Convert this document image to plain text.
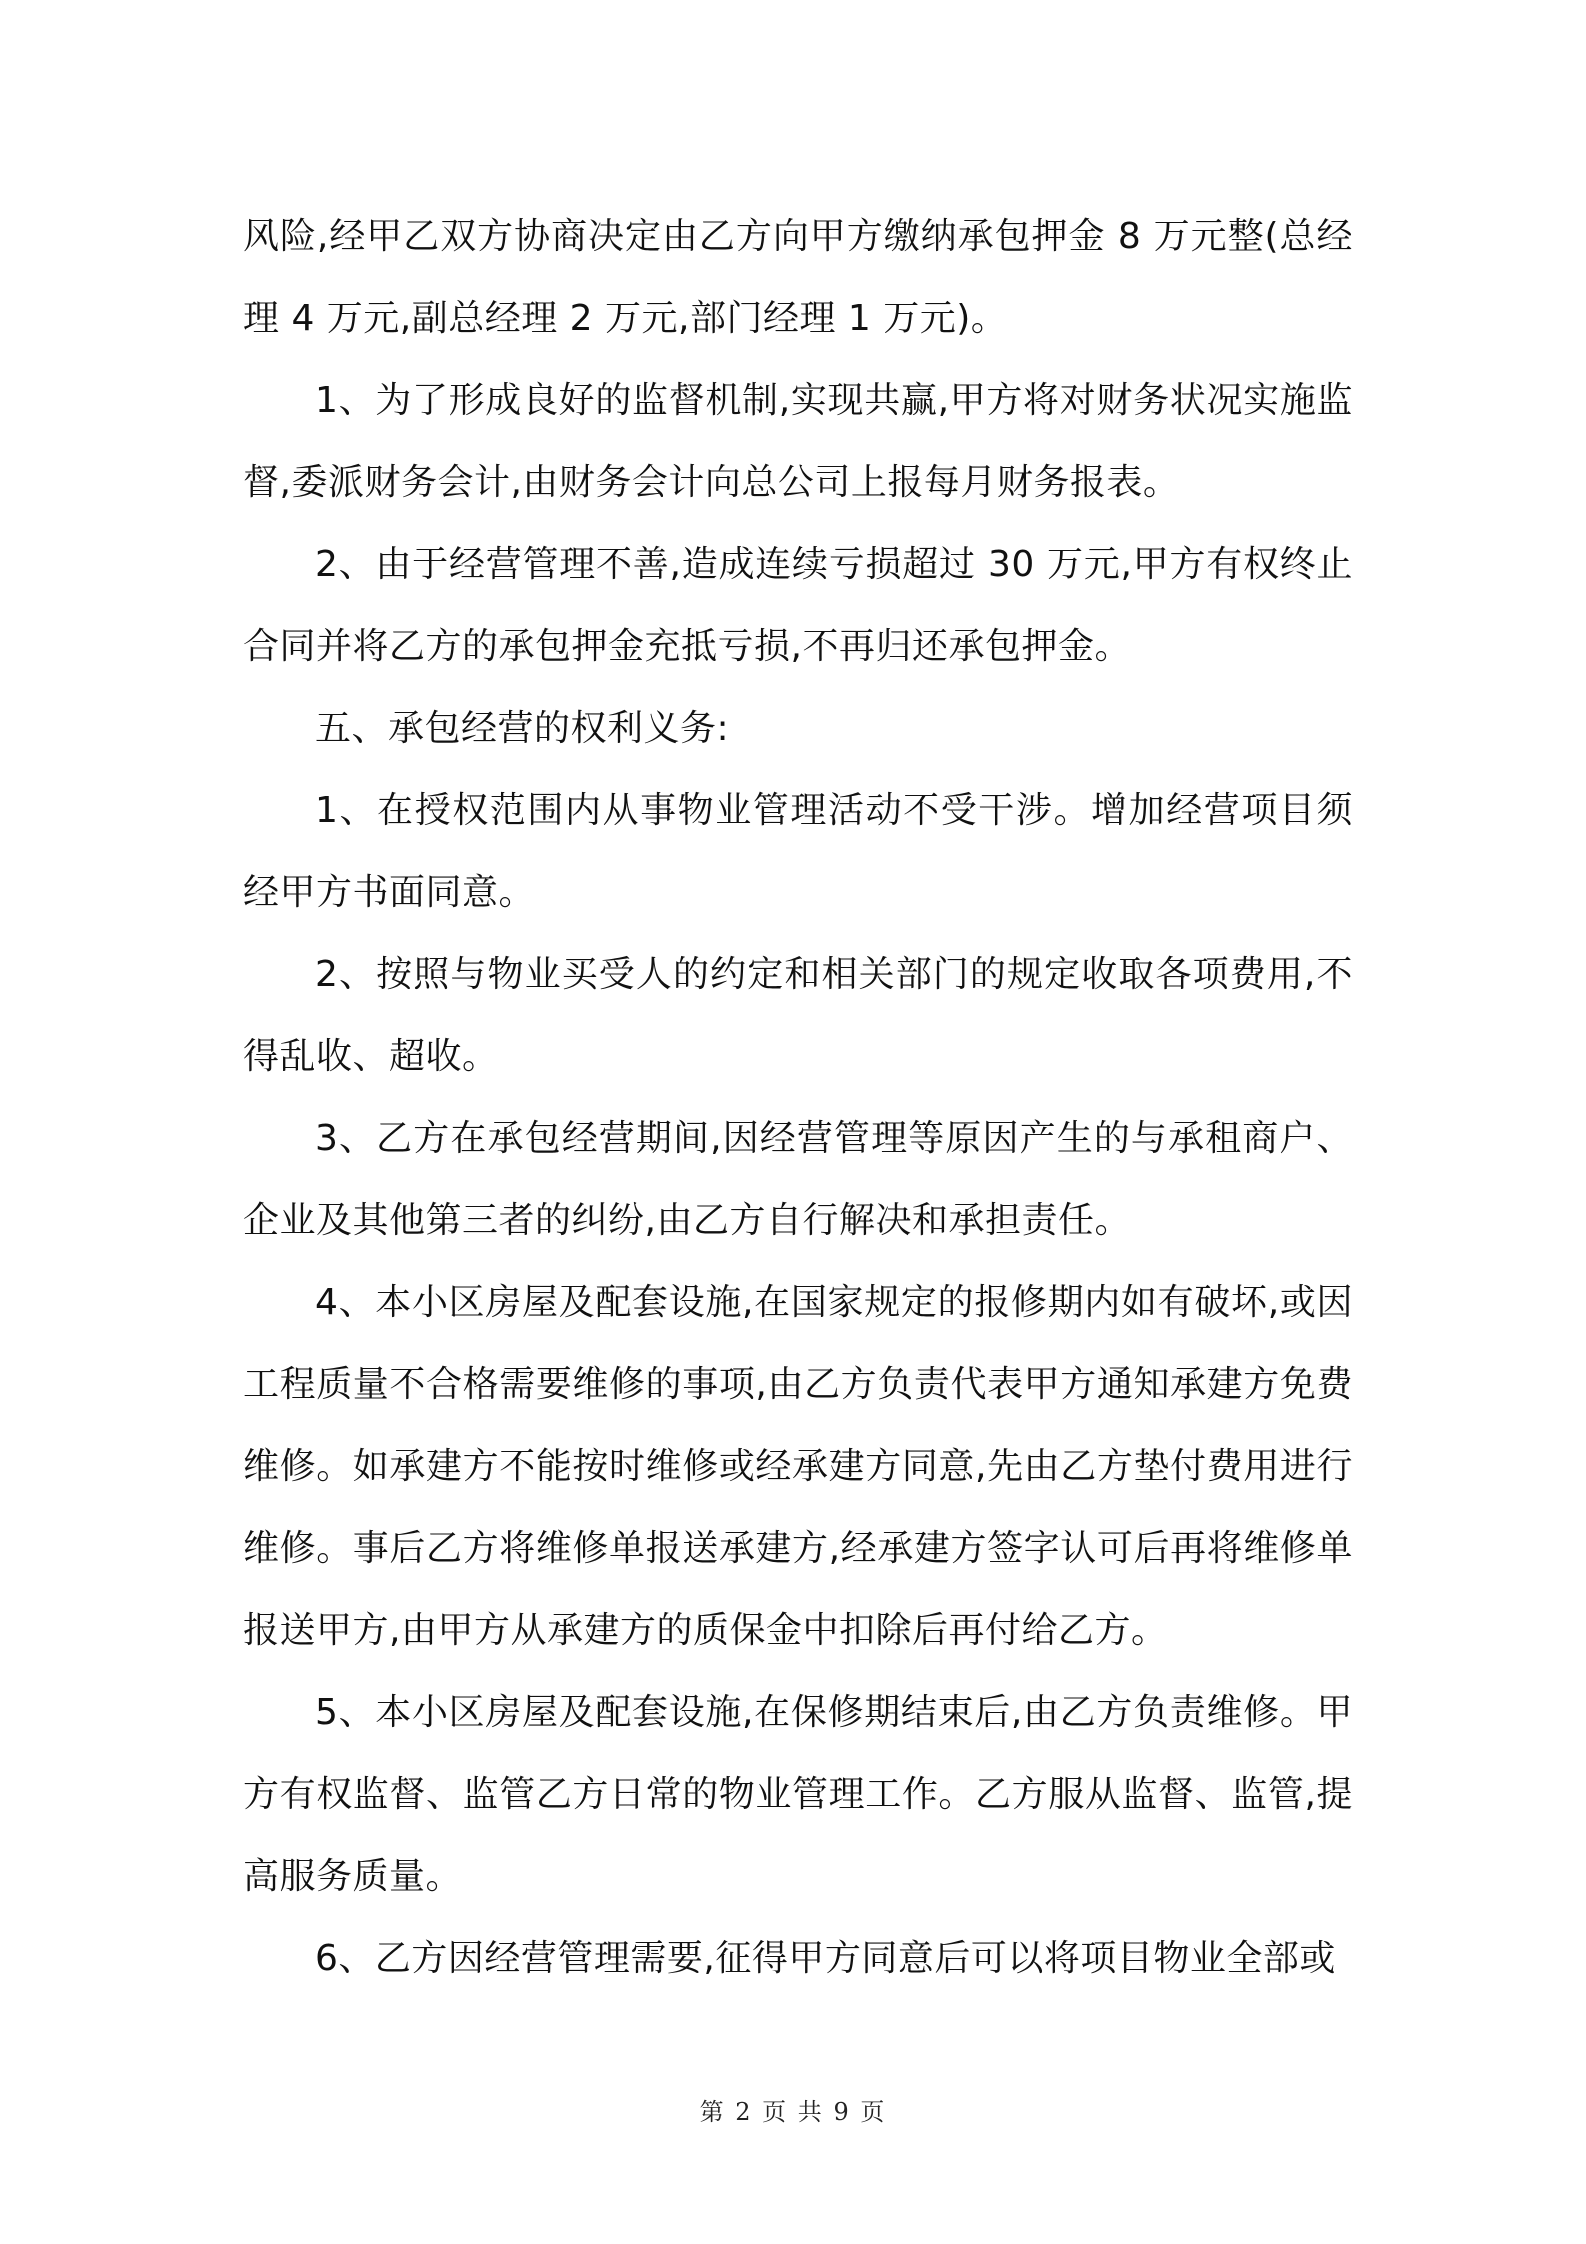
风险,经甲乙双方协商决定由乙方向甲方缴纳承包押金 8 万元整(总经理 4 万元,副总经理 2 万元,部门经理 1 万元)。

1、为了形成良好的监督机制,实现共赢,甲方将对财务状况实施监督,委派财务会计,由财务会计向总公司上报每月财务报表。

2、由于经营管理不善,造成连续亏损超过 30 万元,甲方有权终止合同并将乙方的承包押金充抵亏损,不再归还承包押金。

五、承包经营的权利义务:

1、在授权范围内从事物业管理活动不受干涉。增加经营项目须经甲方书面同意。

2、按照与物业买受人的约定和相关部门的规定收取各项费用,不得乱收、超收。

3、乙方在承包经营期间,因经营管理等原因产生的与承租商户、企业及其他第三者的纠纷,由乙方自行解决和承担责任。

4、本小区房屋及配套设施,在国家规定的报修期内如有破坏,或因工程质量不合格需要维修的事项,由乙方负责代表甲方通知承建方免费维修。如承建方不能按时维修或经承建方同意,先由乙方垫付费用进行维修。事后乙方将维修单报送承建方,经承建方签字认可后再将维修单报送甲方,由甲方从承建方的质保金中扣除后再付给乙方。

5、本小区房屋及配套设施,在保修期结束后,由乙方负责维修。甲方有权监督、监管乙方日常的物业管理工作。乙方服从监督、监管,提高服务质量。

6、乙方因经营管理需要,征得甲方同意后可以将项目物业全部或

第 2 页 共 9 页
